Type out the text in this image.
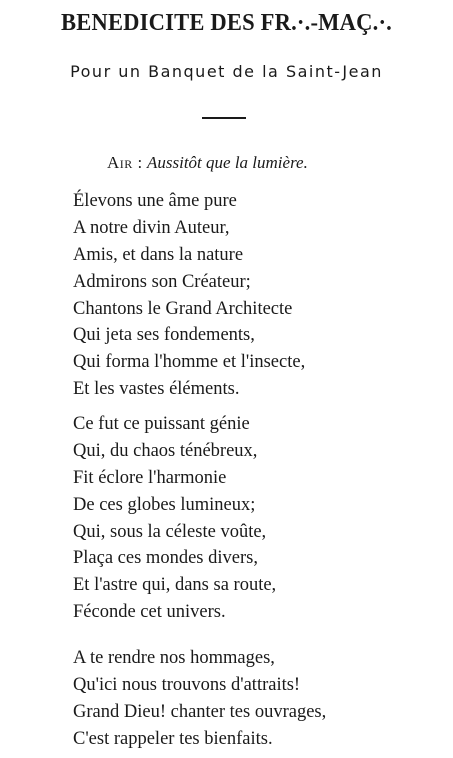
BENEDICITE DES FR.·.-MAÇ.·.
Pour un Banquet de la Saint-Jean
Air : Aussitôt que la lumière.
Élevons une âme pure
A notre divin Auteur,
Amis, et dans la nature
Admirons son Créateur;
Chantons le Grand Architecte
Qui jeta ses fondements,
Qui forma l'homme et l'insecte,
Et les vastes éléments.
Ce fut ce puissant génie
Qui, du chaos ténébreux,
Fit éclore l'harmonie
De ces globes lumineux;
Qui, sous la céleste voûte,
Plaça ces mondes divers,
Et l'astre qui, dans sa route,
Féconde cet univers.
A te rendre nos hommages,
Qu'ici nous trouvons d'attraits!
Grand Dieu! chanter tes ouvrages,
C'est rappeler tes bienfaits.
